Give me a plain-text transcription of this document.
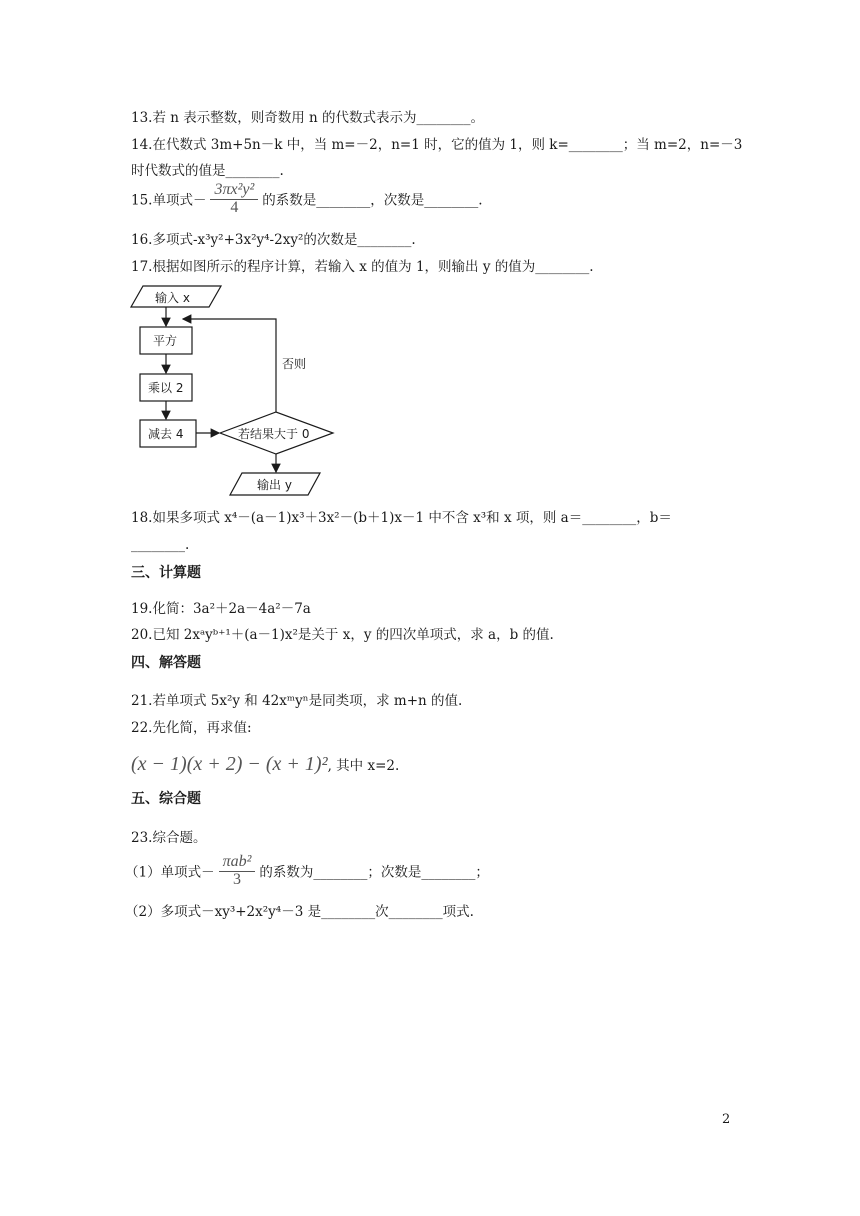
13.若 n 表示整数，则奇数用 n 的代数式表示为________。
14.在代数式 3m+5n－k 中，当 m=－2，n=1 时，它的值为 1，则 k=________；当 m=2，n=－3
时代数式的值是________.
15.单项式－ $\frac{\text{3πx²y²}}{4}$ 的系数是________，次数是________.
16.多项式-x³y²+3x²y⁴-2xy²的次数是________.
17.根据如图所示的程序计算，若输入 x 的值为 1，则输出 y 的值为________.
输入 x
平方
乘以 2
减去 4	若结果大于 0
否则
输出 y
18.如果多项式 x⁴－(a－1)x³＋3x²－(b＋1)x－1 中不含 x³和 x 项，则 a＝________，b＝
________.
三、计算题
19.化简：3a²＋2a－4a²－7a
20.已知 2xᵃyᵇ⁺¹＋(a－1)x²是关于 x，y 的四次单项式，求 a，b 的值.
四、解答题
21.若单项式 5x²y 和 42xᵐyⁿ是同类项，求 m+n 的值.
22.先化简，再求值:
(x − 1)(x + 2) − (x + 1)², 其中 x=2.
五、综合题
23.综合题。
（1）单项式－ $\frac{\text{πab²}}{3}$ 的系数为________；次数是________；
（2）多项式－xy³+2x²y⁴－3 是________次________项式.
2
